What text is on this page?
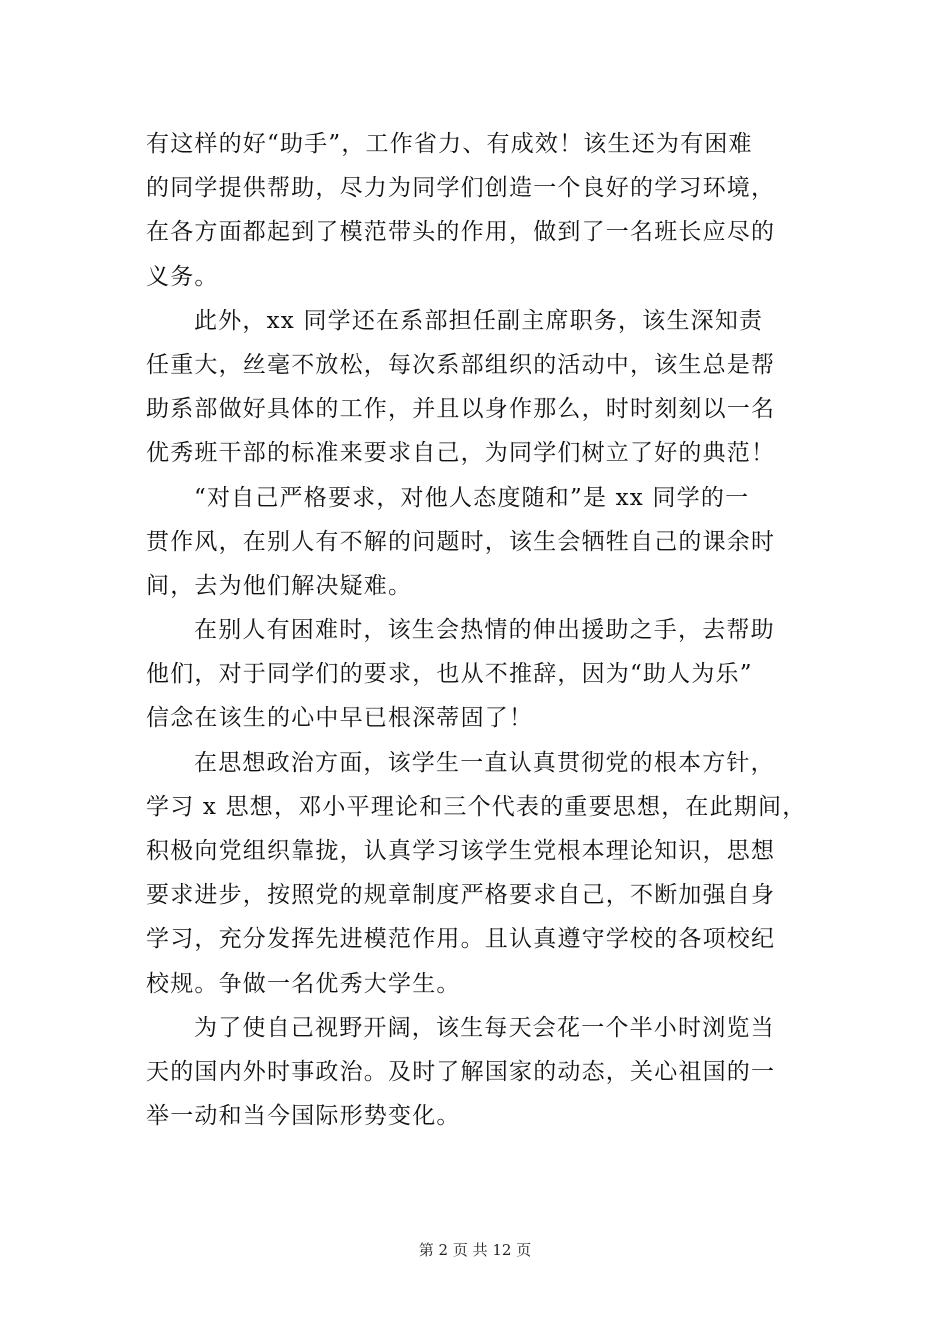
有这样的好“助手”，工作省力、有成效！该生还为有困难
的同学提供帮助，尽力为同学们创造一个良好的学习环境，
在各方面都起到了模范带头的作用，做到了一名班长应尽的
义务。
此外，xx 同学还在系部担任副主席职务，该生深知责
任重大，丝毫不放松，每次系部组织的活动中，该生总是帮
助系部做好具体的工作，并且以身作那么，时时刻刻以一名
优秀班干部的标准来要求自己，为同学们树立了好的典范！
“对自己严格要求，对他人态度随和”是 xx 同学的一
贯作风，在别人有不解的问题时，该生会牺牲自己的课余时
间，去为他们解决疑难。
在别人有困难时，该生会热情的伸出援助之手，去帮助
他们，对于同学们的要求，也从不推辞，因为“助人为乐”
信念在该生的心中早已根深蒂固了！
在思想政治方面，该学生一直认真贯彻党的根本方针，
学习 x 思想，邓小平理论和三个代表的重要思想，在此期间，
积极向党组织靠拢，认真学习该学生党根本理论知识，思想
要求进步，按照党的规章制度严格要求自己，不断加强自身
学习，充分发挥先进模范作用。且认真遵守学校的各项校纪
校规。争做一名优秀大学生。
为了使自己视野开阔，该生每天会花一个半小时浏览当
天的国内外时事政治。及时了解国家的动态，关心祖国的一
举一动和当今国际形势变化。
第 2 页 共 12 页
